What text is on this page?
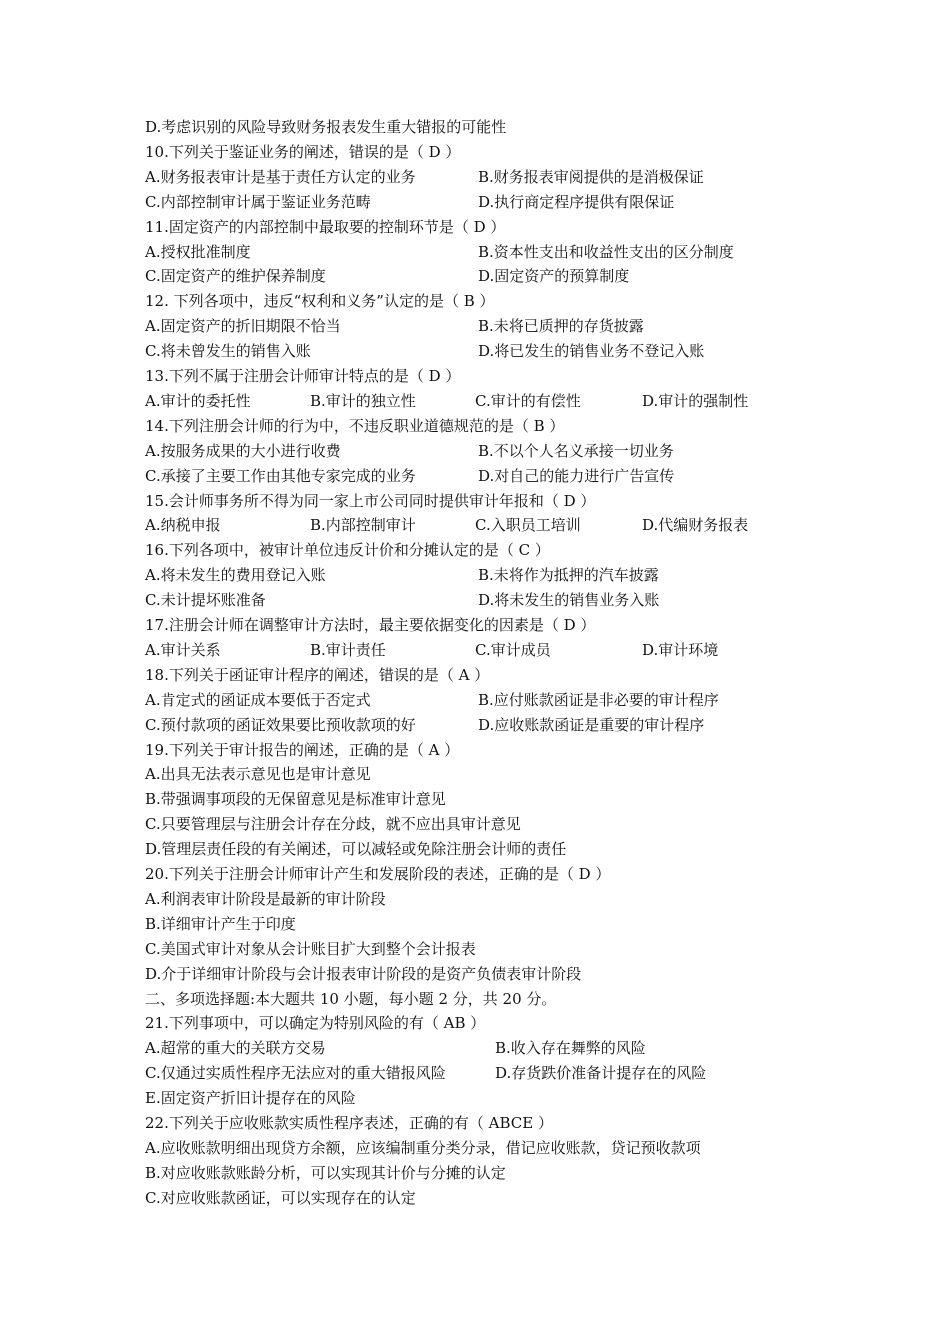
D.考虑识别的风险导致财务报表发生重大错报的可能性
10.下列关于鉴证业务的阐述，错误的是（ D ）
A.财务报表审计是基于责任方认定的业务	B.财务报表审阅提供的是消极保证
C.内部控制审计属于鉴证业务范畴	D.执行商定程序提供有限保证
11.固定资产的内部控制中最取要的控制环节是（ D ）
A.授权批准制度	B.资本性支出和收益性支出的区分制度
C.固定资产的维护保养制度	D.固定资产的预算制度
12. 下列各项中，违反“权利和义务”认定的是（ B ）
A.固定资产的折旧期限不恰当	B.未将已质押的存货披露
C.将未曾发生的销售入账	D.将已发生的销售业务不登记入账
13.下列不属于注册会计师审计特点的是（ D ）
A.审计的委托性	B.审计的独立性	C.审计的有偿性	D.审计的强制性
14.下列注册会计师的行为中，不违反职业道德规范的是（ B ）
A.按服务成果的大小进行收费	B.不以个人名义承接一切业务
C.承接了主要工作由其他专家完成的业务	D.对自己的能力进行广告宣传
15.会计师事务所不得为同一家上市公司同时提供审计年报和（ D ）
A.纳税申报	B.内部控制审计	C.入职员工培训	D.代编财务报表
16.下列各项中，被审计单位违反计价和分摊认定的是（ C ）
A.将未发生的费用登记入账	B.未将作为抵押的汽车披露
C.未计提坏账准备	D.将未发生的销售业务入账
17.注册会计师在调整审计方法时，最主要依据变化的因素是（ D ）
A.审计关系	B.审计责任	C.审计成员	D.审计环境
18.下列关于函证审计程序的阐述，错误的是（ A ）
A.肯定式的函证成本要低于否定式	B.应付账款函证是非必要的审计程序
C.预付款项的函证效果要比预收款项的好	D.应收账款函证是重要的审计程序
19.下列关于审计报告的阐述，正确的是（ A ）
A.出具无法表示意见也是审计意见
B.带强调事项段的无保留意见是标准审计意见
C.只要管理层与注册会计存在分歧，就不应出具审计意见
D.管理层责任段的有关阐述，可以减轻或免除注册会计师的责任
20.下列关于注册会计师审计产生和发展阶段的表述，正确的是（ D ）
A.利润表审计阶段是最新的审计阶段
B.详细审计产生于印度
C.美国式审计对象从会计账目扩大到整个会计报表
D.介于详细审计阶段与会计报表审计阶段的是资产负债表审计阶段
二、多项选择题:本大题共 10 小题，每小题 2 分，共 20 分。
21.下列事项中，可以确定为特别风险的有（ AB ）
A.超常的重大的关联方交易	B.收入存在舞弊的风险
C.仅通过实质性程序无法应对的重大错报风险	D.存货跌价准备计提存在的风险
E.固定资产折旧计提存在的风险
22.下列关于应收账款实质性程序表述，正确的有（ ABCE ）
A.应收账款明细出现贷方余额，应该编制重分类分录，借记应收账款，贷记预收款项
B.对应收账款账龄分析，可以实现其计价与分摊的认定
C.对应收账款函证，可以实现存在的认定
